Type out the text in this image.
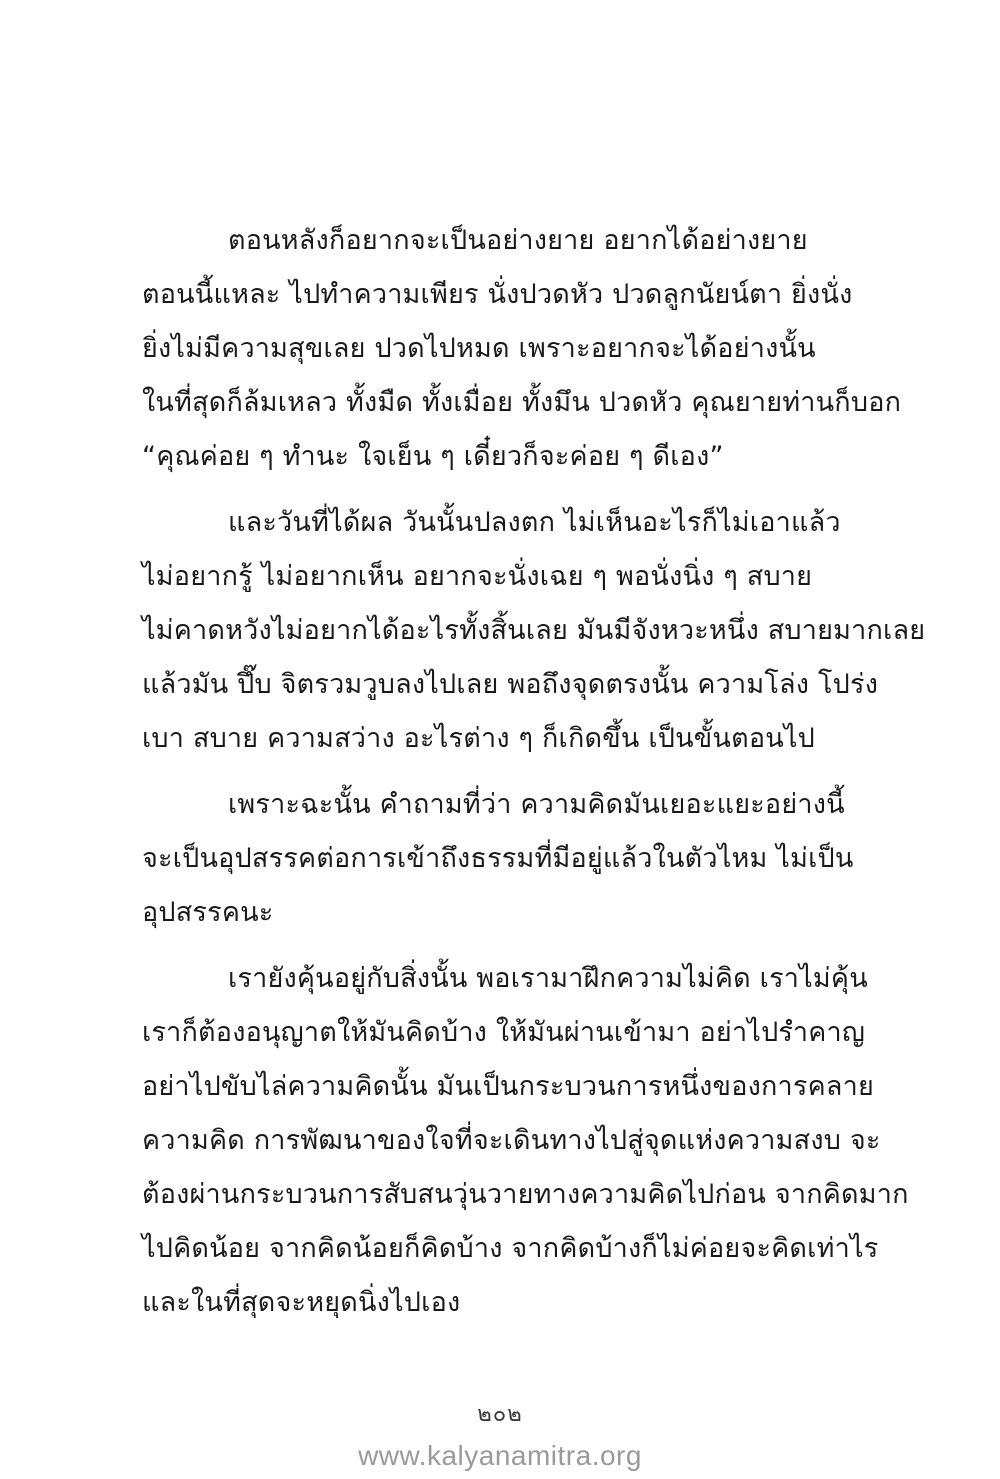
ตอนหลังก็อยากจะเป็นอย่างยาย อยากได้อย่างยาย
ตอนนี้แหละ ไปทำความเพียร นั่งปวดหัว ปวดลูกนัยน์ตา ยิ่งนั่ง
ยิ่งไม่มีความสุขเลย ปวดไปหมด เพราะอยากจะได้อย่างนั้น
ในที่สุดก็ล้มเหลว ทั้งมืด ทั้งเมื่อย ทั้งมึน ปวดหัว คุณยายท่านก็บอก
“คุณค่อย ๆ ทำนะ ใจเย็น ๆ เดี๋ยวก็จะค่อย ๆ ดีเอง”
และวันที่ได้ผล วันนั้นปลงตก ไม่เห็นอะไรก็ไม่เอาแล้ว
ไม่อยากรู้ ไม่อยากเห็น อยากจะนั่งเฉย ๆ พอนั่งนิ่ง ๆ สบาย
ไม่คาดหวังไม่อยากได้อะไรทั้งสิ้นเลย มันมีจังหวะหนึ่ง สบายมากเลย
แล้วมัน ปึ๊บ จิตรวมวูบลงไปเลย พอถึงจุดตรงนั้น ความโล่ง โปร่ง
เบา สบาย ความสว่าง อะไรต่าง ๆ ก็เกิดขึ้น เป็นขั้นตอนไป
เพราะฉะนั้น คำถามที่ว่า ความคิดมันเยอะแยะอย่างนี้
จะเป็นอุปสรรคต่อการเข้าถึงธรรมที่มีอยู่แล้วในตัวไหม ไม่เป็น
อุปสรรคนะ
เรายังคุ้นอยู่กับสิ่งนั้น พอเรามาฝึกความไม่คิด เราไม่คุ้น
เราก็ต้องอนุญาตให้มันคิดบ้าง ให้มันผ่านเข้ามา อย่าไปรำคาญ
อย่าไปขับไล่ความคิดนั้น มันเป็นกระบวนการหนึ่งของการคลาย
ความคิด การพัฒนาของใจที่จะเดินทางไปสู่จุดแห่งความสงบ จะ
ต้องผ่านกระบวนการสับสนวุ่นวายทางความคิดไปก่อน จากคิดมาก
ไปคิดน้อย จากคิดน้อยก็คิดบ้าง จากคิดบ้างก็ไม่ค่อยจะคิดเท่าไร
และในที่สุดจะหยุดนิ่งไปเอง
๒๐๒
www.kalyanamitra.org
